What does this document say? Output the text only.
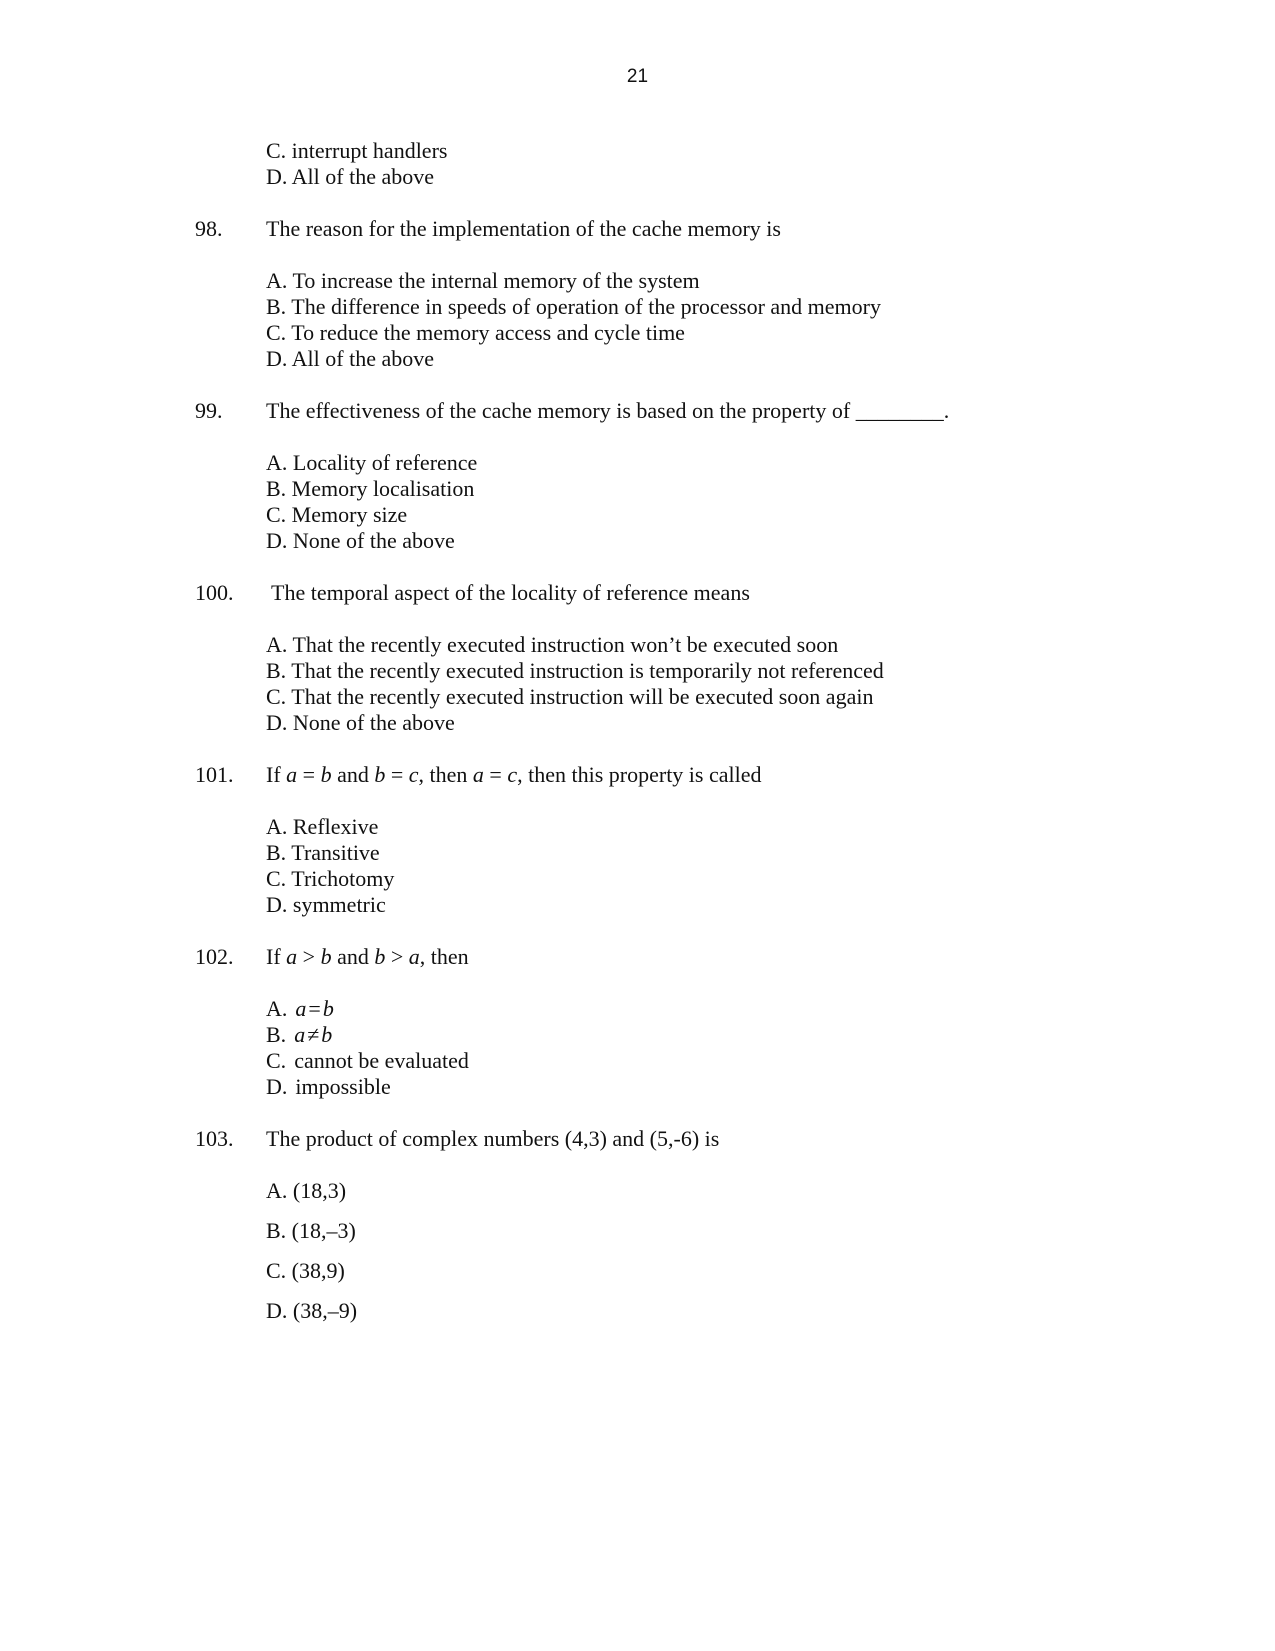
21
C. interrupt handlers
D. All of the above
98. The reason for the implementation of the cache memory is
A. To increase the internal memory of the system
B. The difference in speeds of operation of the processor and memory
C. To reduce the memory access and cycle time
D. All of the above
99. The effectiveness of the cache memory is based on the property of ________.
A. Locality of reference
B. Memory localisation
C. Memory size
D. None of the above
100. The temporal aspect of the locality of reference means
A. That the recently executed instruction won’t be executed soon
B. That the recently executed instruction is temporarily not referenced
C. That the recently executed instruction will be executed soon again
D. None of the above
101. If a = b and b = c, then a = c, then this property is called
A. Reflexive
B. Transitive
C. Trichotomy
D. symmetric
102. If a > b and b > a, then
A. a=b
B. a≠b
C. cannot be evaluated
D. impossible
103. The product of complex numbers (4,3) and (5,-6) is
A. (18,3)
B. (18,–3)
C. (38,9)
D. (38,–9)
